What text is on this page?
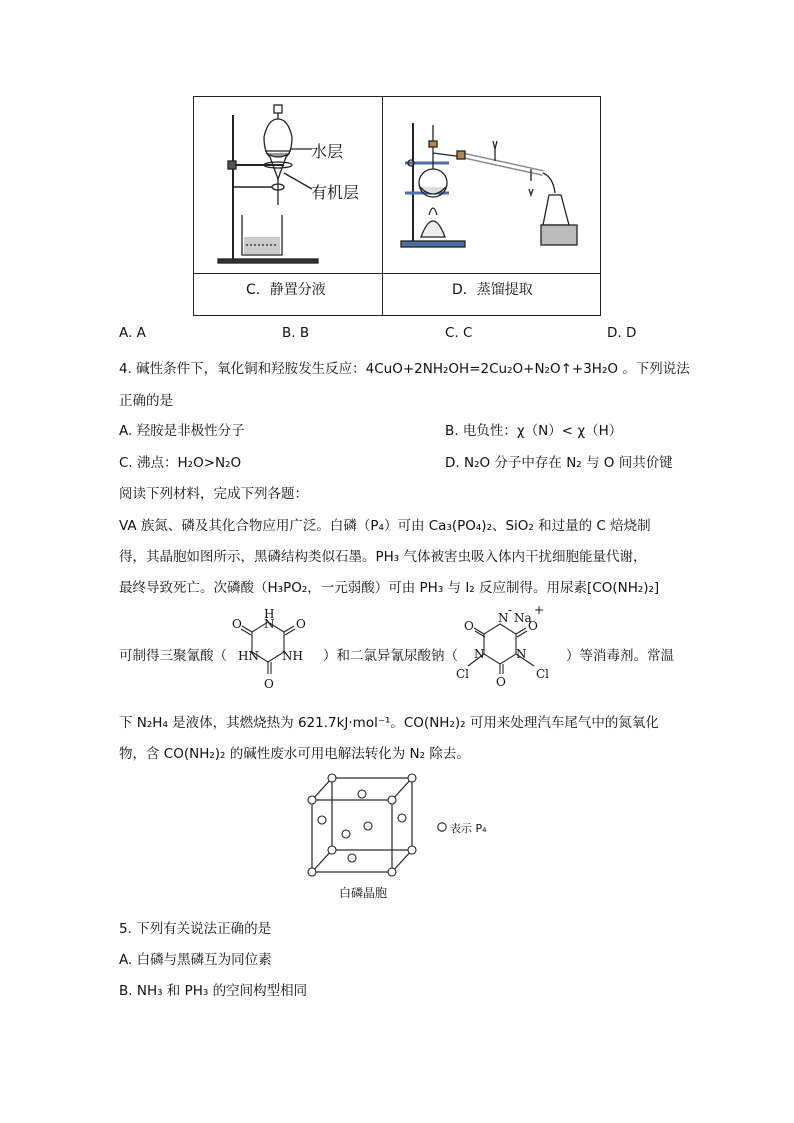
水层
有机层
C．静置分液	D．蒸馏提取
A. A	B. B	C. C	D. D
4. 碱性条件下，氧化铜和羟胺发生反应：4CuO+2NH₂OH=2Cu₂O+N₂O↑+3H₂O 。下列说法
正确的是
A. 羟胺是非极性分子	B. 电负性：χ（N）< χ（H）
C. 沸点：H₂O>N₂O	D. N₂O 分子中存在 N₂ 与 O 间共价键
阅读下列材料，完成下列各题：
VA 族氮、磷及其化合物应用广泛。白磷（P₄）可由 Ca₃(PO₄)₂、SiO₂ 和过量的 C 焙烧制
得，其晶胞如图所示，黑磷结构类似石墨。PH₃ 气体被害虫吸入体内干扰细胞能量代谢，
最终导致死亡。次磷酸（H₃PO₂，一元弱酸）可由 PH₃ 与 I₂ 反应制得。用尿素[CO(NH₂)₂]
可制得三聚氰酸（
H
N O
O
HN NH
O
）和二氯异氰尿酸钠（
N
-
Na
+
O
O
N	N
Cl	Cl
O
）等消毒剂。常温
下 N₂H₄ 是液体，其燃烧热为 621.7kJ·mol⁻¹。CO(NH₂)₂ 可用来处理汽车尾气中的氮氧化
物，含 CO(NH₂)₂ 的碱性废水可用电解法转化为 N₂ 除去。
表示 P₄
白磷晶胞
5. 下列有关说法正确的是
A. 白磷与黑磷互为同位素
B. NH₃ 和 PH₃ 的空间构型相同
